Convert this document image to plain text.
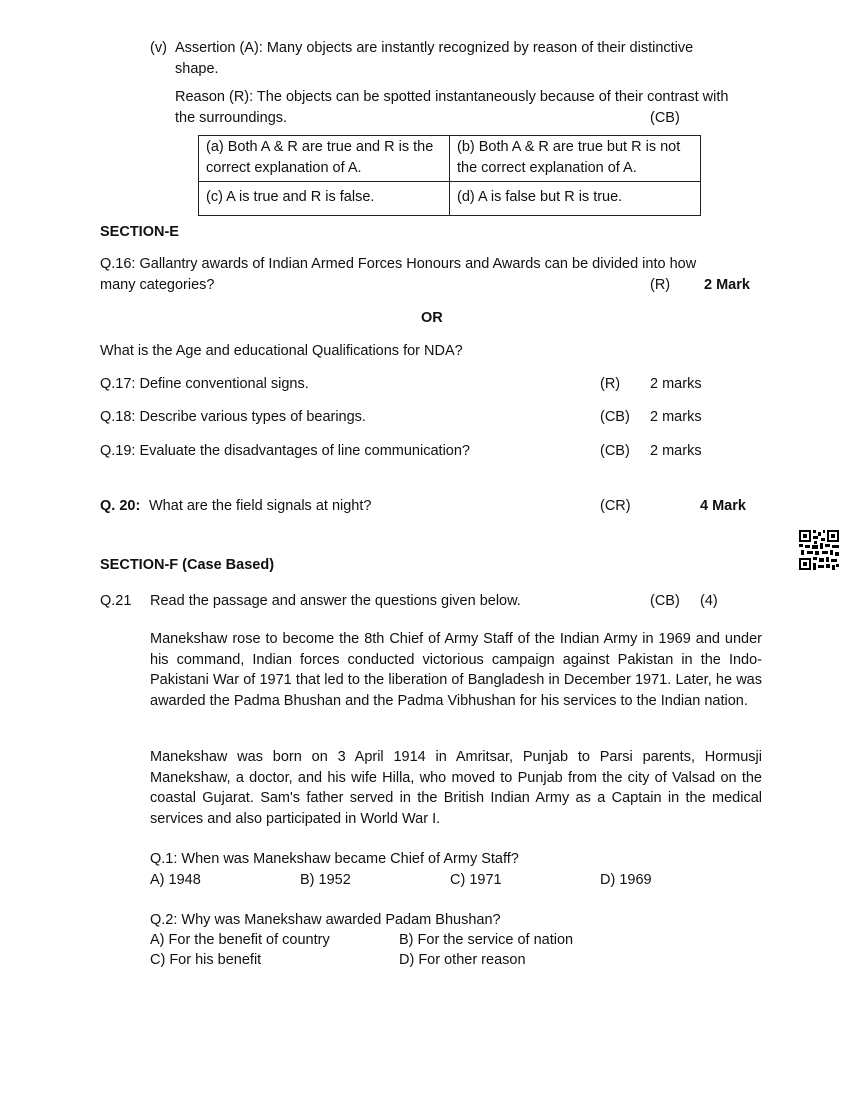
(v) Assertion (A): Many objects are instantly recognized by reason of their distinctive
shape.
Reason (R): The objects can be spotted instantaneously because of their contrast with
the surroundings.	(CB)
(a) Both A & R are true and R is the correct explanation of A.	(b) Both A & R are true but R is not the correct explanation of A.
(c) A is true and R is false.	(d) A is false but R is true.
SECTION-E
Q.16: Gallantry awards of Indian Armed Forces Honours and Awards can be divided into how
many categories?	(R) 2 Mark
OR
What is the Age and educational Qualifications for NDA?
Q.17: Define conventional signs.	(R) 2 marks
Q.18: Describe various types of bearings.	(CB) 2 marks
Q.19: Evaluate the disadvantages of line communication?	(CB) 2 marks
Q. 20: What are the field signals at night?	(CR)	4 Mark
SECTION-F (Case Based)
Q.21 Read the passage and answer the questions given below.	(CB) (4)
Manekshaw rose to become the 8th Chief of Army Staff of the Indian Army in 1969 and under his command, Indian forces conducted victorious campaign against Pakistan in the Indo- Pakistani War of 1971 that led to the liberation of Bangladesh in December 1971. Later, he was awarded the Padma Bhushan and the Padma Vibhushan for his services to the Indian nation.
Manekshaw was born on 3 April 1914 in Amritsar, Punjab to Parsi parents, Hormusji Manekshaw, a doctor, and his wife Hilla, who moved to Punjab from the city of Valsad on the coastal Gujarat. Sam's father served in the British Indian Army as a Captain in the medical services and also participated in World War I.
Q.1: When was Manekshaw became Chief of Army Staff?
A) 1948	B) 1952	C) 1971	D) 1969
Q.2: Why was Manekshaw awarded Padam Bhushan?
A) For the benefit of country	B) For the service of nation
C) For his benefit	D) For other reason
